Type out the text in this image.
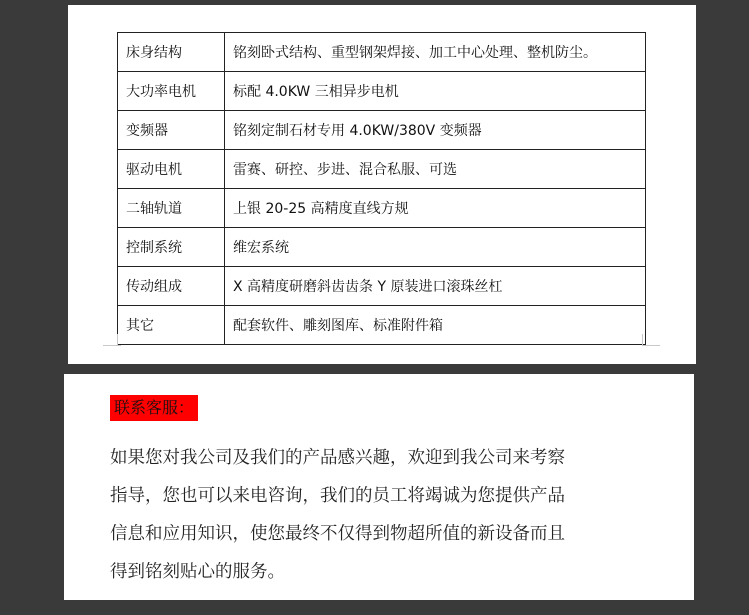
床身结构	铭刻卧式结构、重型钢架焊接、加工中心处理、整机防尘。
大功率电机	标配 4.0KW 三相异步电机
变频器	铭刻定制石材专用 4.0KW/380V 变频器
驱动电机	雷赛、研控、步进、混合私服、可选
二轴轨道	上银 20-25 高精度直线方规
控制系统	维宏系统
传动组成	X 高精度研磨斜齿齿条 Y 原装进口滚珠丝杠
其它	配套软件、雕刻图库、标准附件箱
联系客服：
如果您对我公司及我们的产品感兴趣，欢迎到我公司来考察
指导，您也可以来电咨询，我们的员工将竭诚为您提供产品
信息和应用知识，使您最终不仅得到物超所值的新设备而且
得到铭刻贴心的服务。
